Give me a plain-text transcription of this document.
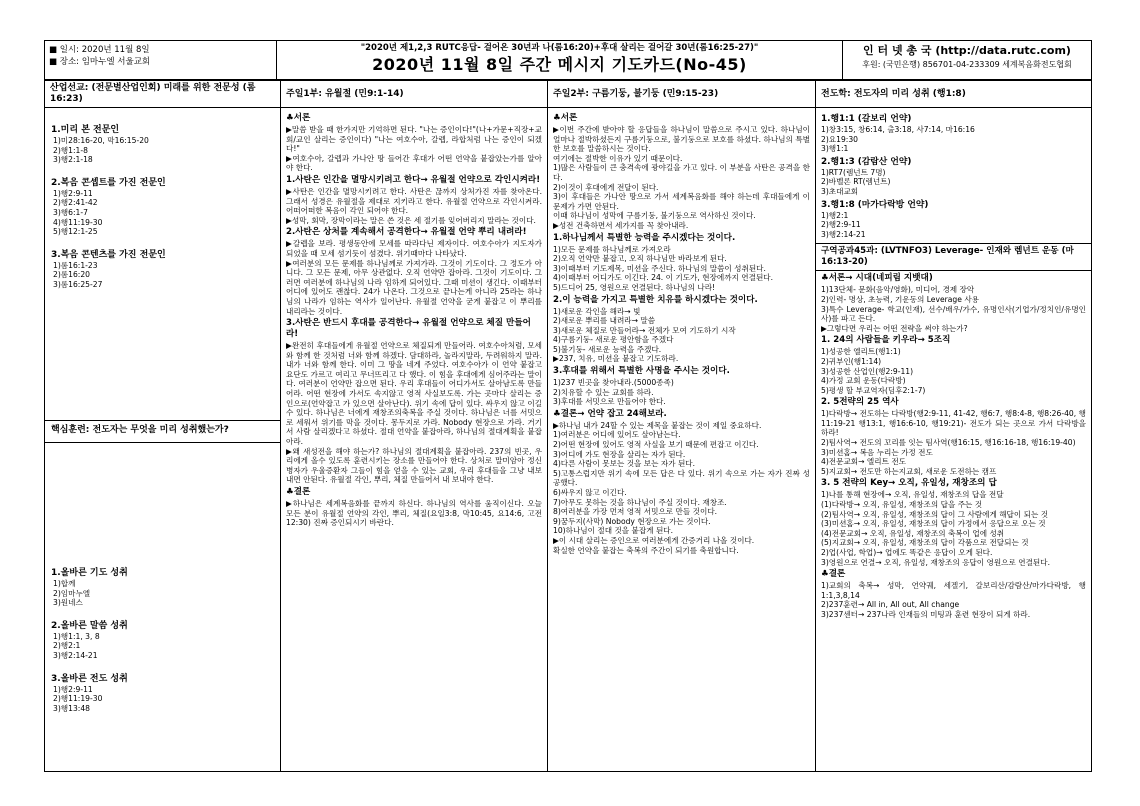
■ 일시: 2020년 11월 8일
■ 장소: 임마누엘 서울교회
"2020년 제1,2,3 RUTC응답- 걸어온 30년과 나(롬16:20)+후대 살리는 걸어갈 30년(롬16:25-27)"
2020년 11월 8일 주간 메시지 기도카드(No-45)
인 터 넷 총 국 (http://data.rutc.com)
후원: (국민은행) 856701-04-233309 세계복음화전도협회
산업선교: (전문별산업인회) 미래를 위한 전문성 (롬16:23)
1.미리 본 전문인
1)미28:16-20, 막16:15-20
2)행1:1-8
3)행2:1-18
2.복음 콘셉트를 가진 전문인
1)행2:9-11
2)행2:41-42
3)행6:1-7
4)행11:19-30
5)행12:1-25
3.복음 콘텐츠를 가진 전문인
1)롬16:1-23
2)롬16:20
3)롬16:25-27
핵심훈련: 전도자는 무엇을 미리 성취했는가?
1.올바른 기도 성취
1)합께
2)임마누엘
3)원네스
2.올바른 말씀 성취
1)행1:1, 3, 8
2)행2:1
3)행2:14-21
3.올바른 전도 성취
1)행2:9-11
2)행11:19-30
3)행13:48
주일1부: 유월절 (민9:1-14)
♣서론
▶말씀 받을 때 한가지만 기억하면 된다. "나는 증인이다!"(나+가문+직장+교회/교인 살리는 증인이다) "나는 여호수아, 갈렙, 라합처럼 나는 증인이 되겠다!"
▶여호수아, 갈렙과 가나안 땅 들어간 후대가 어떤 언약을 붙잡았는가를 알아야 한다.
1.사탄은 인간을 멸망시키려고 한다→ 유월절 언약으로 각인시켜라!
▶사탄은 인간을 멸망시키려고 한다. 사탄은 끊까지 상처가진 자를 찾아온다. 그래서 성경은 유월절을 제대로 지키라고 한다. 유월절 언약으로 각인시켜라. 어떠어떠한 복음이 각인 되어야 한다.
▶성막, 회막, 장막이라는 말은 쓴 것은 세 절기를 잊어버리지 말라는 것이다.
2.사탄은 상처를 계속해서 공격한다→ 유월절 언약 뿌리 내려라!
▶갈렙을 보라. 평생동안에 모세를 따라다닌 제자이다. 여호수아가 지도자가 되었을 때 모세 섬기듯이 섬겼다. 위기때마다 나타났다.
▶여러분의 모든 문제를 하나님께로 가져가라. 그것이 기도이다. 그 정도가 아니다. 그 모든 문제, 아무 상관없다. 오직 언약만 잡아라. 그것이 기도이다. 그러면 여러분에 하나님의 나라 임하게 되어있다. 그때 미션이 생긴다. 이때부터 어디에 있어도 괜찮다. 24가 나온다. 그것으로 끝나는게 아니라 25라는 하나님의 나라가 임하는 역사가 일어난다. 유월절 언약을 굳게 붙잡고 이 뿌리를 내리라는 것이다.
3.사탄은 반드시 후대를 공격한다→ 유월절 언약으로 체질 만들어라!
▶완전히 후대들에게 유월절 언약으로 체질되게 만들어라. 여호수아처럼, 모세와 함께 한 것처럼 너와 함께 하겠다. 담대하라, 놀라지말라, 두려워하지 말라. 내가 너와 함께 한다. 이미 그 땅을 네게 주었다. 여호수아가 이 언약 붙잡고 요단도 가르고 여리고 무너뜨리고 다 했다. 이 힘을 후대에게 심어주라는 말이다. 여러분이 언약만 잡으면 된다. 우리 후대들이 어디가서도 살아남도록 만들어라. 어떤 현장에 가서도 속지않고 영적 사실보도록. 가는 곳마다 살리는 증인으로(언약잡고 가 있으면 살아난다). 위기 속에 답이 있다. 싸우지 않고 이길 수 있다. 하나님은 너에게 재창조의축복을 주실 것이다. 하나님은 너를 서밋으로 세워서 위기를 막을 것이다. 몽두지로 가라. Nobody 현장으로 가라. 거기서 사람 살리겠다고 하셨다. 절대 언약을 붙잡아라, 하나님의 절대계획을 붙잡아라.
▶왜 새성전을 해야 하는가? 하나님의 절대계획을 붙잡아라. 237의 빈곳, 우리에게 올수 있도록 훈련시키는 장소를 만들어야 한다. 상처로 말미암아 정신병자가 우울증환자 그들이 힘을 얻을 수 있는 교회, 우리 후대들을 그냥 내보내면 안된다. 유월절 각인, 뿌리, 체질 만들어서 내 보내야 한다.
♣결론
▶하나님은 세계복음화를 끝까지 하신다. 하나님의 역사를 움직이신다. 오늘 모든 분이 유월절 언약의 각인, 뿌리, 체질(요일3:8, 막10:45, 요14:6, 고전12:30) 진짜 증인되시기 바란다.
주일2부: 구름기둥, 불기둥 (민9:15-23)
♣서론
▶이번 주간에 받아야 할 응답들을 하나님이 말씀으로 주시고 있다. 하나님이 얼마나 절박하셨든지 구름기둥으로, 불기둥으로 보호를 하셨다. 하나님의 특별한 보호를 말씀하시는 것이다.
여기에는 절박한 이유가 있기 때문이다.
1)많은 사람들이 큰 충격속에 광야길을 가고 있다. 이 부분을 사탄은 공격을 한다.
2)이것이 후대에게 전달이 된다.
3)이 후대들은 가나안 땅으로 가서 세계복음화를 해야 하는데 후대들에게 이 문제가 가면 안된다.
이때 하나님이 성막에 구름기둥, 불기둥으로 역사하신 것이다.
▶성전 건축하면서 세가지를 꼭 찾아내라.
1.하나님께서 특별한 능력을 주시겠다는 것이다.
1)모든 문제를 하나님께로 가져오라
2)오직 언약만 붙잡고, 오직 하나님만 바라보게 된다.
3)이때부터 기도제목, 미션을 주신다. 하나님의 말씀이 성취된다.
4)이때부터 어디가도 이긴다. 24. 이 기도가, 현장에까지 연결된다.
5)드디어 25, 영원으로 연결된다. 하나님의 나라!
2.이 능력을 가지고 특별한 치유를 하시겠다는 것이다.
1)새로운 각인을 해라→ 빛
2)새로운 뿌리를 내려라→ 말씀
3)새로운 체질로 만들어라→ 전체가 모여 기도하기 시작
4)구름기둥- 새로운 평안함을 주겠다
5)불기둥- 새로운 능력을 주겠다.
▶237, 치유, 미션을 붙잡고 기도하라.
3.후대를 위해서 특별한 사명을 주시는 것이다.
1)237 빈곳을 찾아내라.(5000종족)
2)치유할 수 있는 교회를 하라.
3)후대를 서밋으로 만들어야 한다.
♣결론→ 언약 잡고 24해보라.
▶하나님 내가 24할 수 있는 제목을 붙잡는 것이 제일 중요하다.
1)여러분은 어디에 있어도 살아남는다.
2)어떤 현장에 있어도 영적 사실을 보기 때문에 편잡고 이긴다.
3)어디에 가도 현장을 살리는 자가 된다.
4)다른 사람이 못보는 것을 보는 자가 된다.
5)고통스럽지만 위기 속에 모든 답은 다 있다. 위기 속으로 가는 자가 진짜 성공했다.
6)싸우지 않고 이긴다.
7)아무도 못하는 것을 하나님이 주실 것이다. 재창조.
8)여러분을 가장 먼저 영적 서밋으로 만들 것이다.
9)꿈두지(사막) Nobody 현장으로 가는 것이다.
10)하나님이 절대 것을 붙잡게 된다.
▶이 시대 살리는 증인으로 여러분에게 간증거리 나올 것이다.
확실한 언약을 붙잡는 축복의 주간이 되기를 축원합니다.
전도학: 전도자의 미리 성취 (행1:8)
1.행1:1 (갈보리 언약)
1)창3:15, 창6:14, 출3:18, 사7:14, 마16:16
2)요19:30
3)행1:1
2.행1:3 (감람산 언약)
1)RT7(렘넌트 7명)
2)바벨론 RT(렘넌트)
3)초대교회
3.행1:8 (마가다락방 언약)
1)행2:1
2)행2:9-11
3)행2:14-21
구역공과45과: (LVTNFO3) Leverage- 인재와 렘넌트 운동 (마16:13-20)
♣서론→ 시대(네피림 지뱃대)
1)13단체- 문화(음악/영화), 미디어, 경제 장악
2)인력- 명상, 초능력, 기운동의 Leverage 사용
3)특수 Leverage- 학교(인재), 선수/배우/가수, 유명인사(기업가/정치인/유명인사)를 파고 든다.
▶그렇다면 우리는 어떤 전략을 써야 하는가?
1. 24의 사람들을 키우라→ 5조직
1)성공한 엘리트(행1:1)
2)귀부인(행1:14)
3)성공한 산업인(행2:9-11)
4)가정 교회 운동(다락방)
5)평생 할 부교역자(딤후2:1-7)
2. 5전략의 25 역사
1)다락방→ 전도하는 다락방(행2:9-11, 41-42, 행6:7, 행8:4-8, 행8:26-40, 행11:19-21 행13:1, 행16:6-10, 행19:21)- 전도가 되는 곳으로 가서 다락방을 하라!
2)팀사역→ 전도의 꼬리를 잇는 팀사역(행16:15, 행16:16-18, 행16:19-40)
3)미션홈→ 복음 누리는 가정 전도
4)전문교회→ 엘리트 전도
5)지교회→ 전도만 하는지교회, 새로운 도전하는 캠프
3. 5 전략의 Key→ 오직, 유일성, 재창조의 답
1)나를 통해 현장에→ 오직, 유일성, 재창조의 답을 전달
(1)다락방→ 오직, 유일성, 재창조의 답을 주는 것
(2)팀사역→ 오직, 유일성, 재창조의 답이 그 사람에게 해답이 되는 것
(3)미션홈→ 오직, 유일성, 재창조의 답이 가정에서 응답으로 오는 것
(4)전문교회→ 오직, 유일성, 재창조의 축복이 업에 성취
(5)지교회→ 오직, 유일성, 재창조의 답이 각품으로 전달되는 것
2)업(사업, 학업)→ 업에도 똑같은 응답이 오게 된다.
3)영원으로 연결→ 오직, 유일성, 재창조의 응답이 영원으로 연결된다.
♣결론
1)교회의 축복→ 성막, 언약궤, 세겔기, 갈보리산/감람산/마가다락방, 행1:1,3,8,14
2)237훈련→ All in, All out, All change
3)237센터→ 237나라 인재들의 미팅과 훈련 현장이 되게 하라.
